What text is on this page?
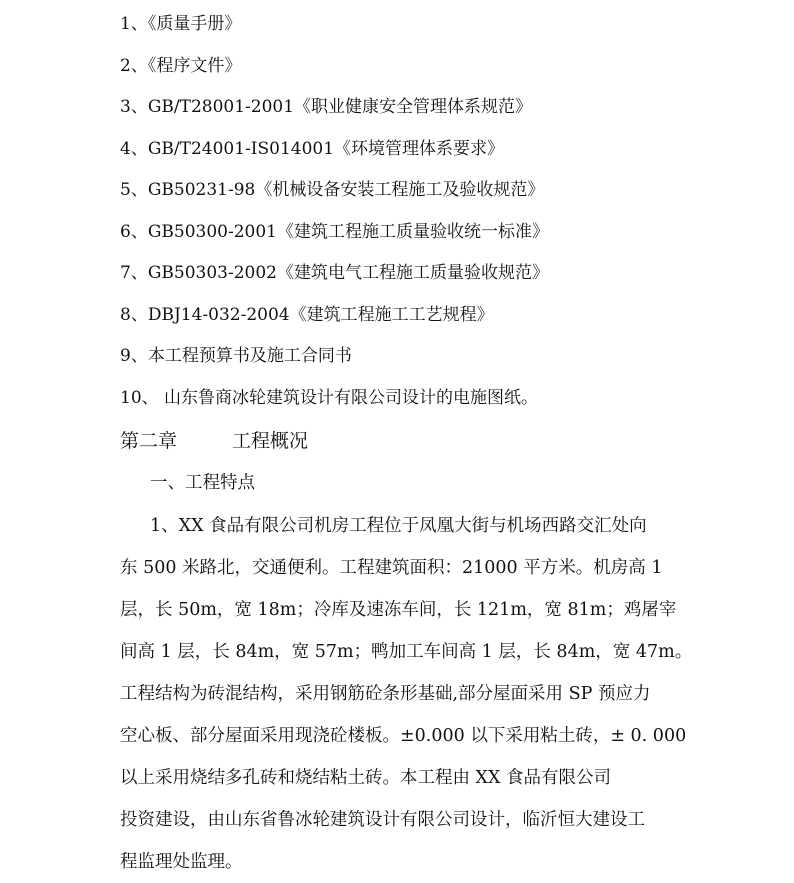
1、《质量手册》
2、《程序文件》
3、GB/T28001-2001《职业健康安全管理体系规范》
4、GB/T24001-IS014001《环境管理体系要求》
5、GB50231-98《机械设备安装工程施工及验收规范》
6、GB50300-2001《建筑工程施工质量验收统一标准》
7、GB50303-2002《建筑电气工程施工质量验收规范》
8、DBJ14-032-2004《建筑工程施工工艺规程》
9、本工程预算书及施工合同书
10、 山东鲁商冰轮建筑设计有限公司设计的电施图纸。
第二章	工程概况
一、工程特点
1、XX 食品有限公司机房工程位于凤凰大街与机场西路交汇处向
东 500 米路北，交通便利。工程建筑面积：21000 平方米。机房高 1
层，长 50m，宽 18m；冷库及速冻车间，长 121m，宽 81m；鸡屠宰
间高 1 层，长 84m，宽 57m；鸭加工车间高 1 层，长 84m，宽 47m。
工程结构为砖混结构，采用钢筋砼条形基础,部分屋面采用 SP 预应力
空心板、部分屋面采用现浇砼楼板。±0.000 以下采用粘土砖，± 0. 000
以上采用烧结多孔砖和烧结粘土砖。本工程由 XX 食品有限公司
投资建设，由山东省鲁冰轮建筑设计有限公司设计，临沂恒大建设工
程监理处监理。
